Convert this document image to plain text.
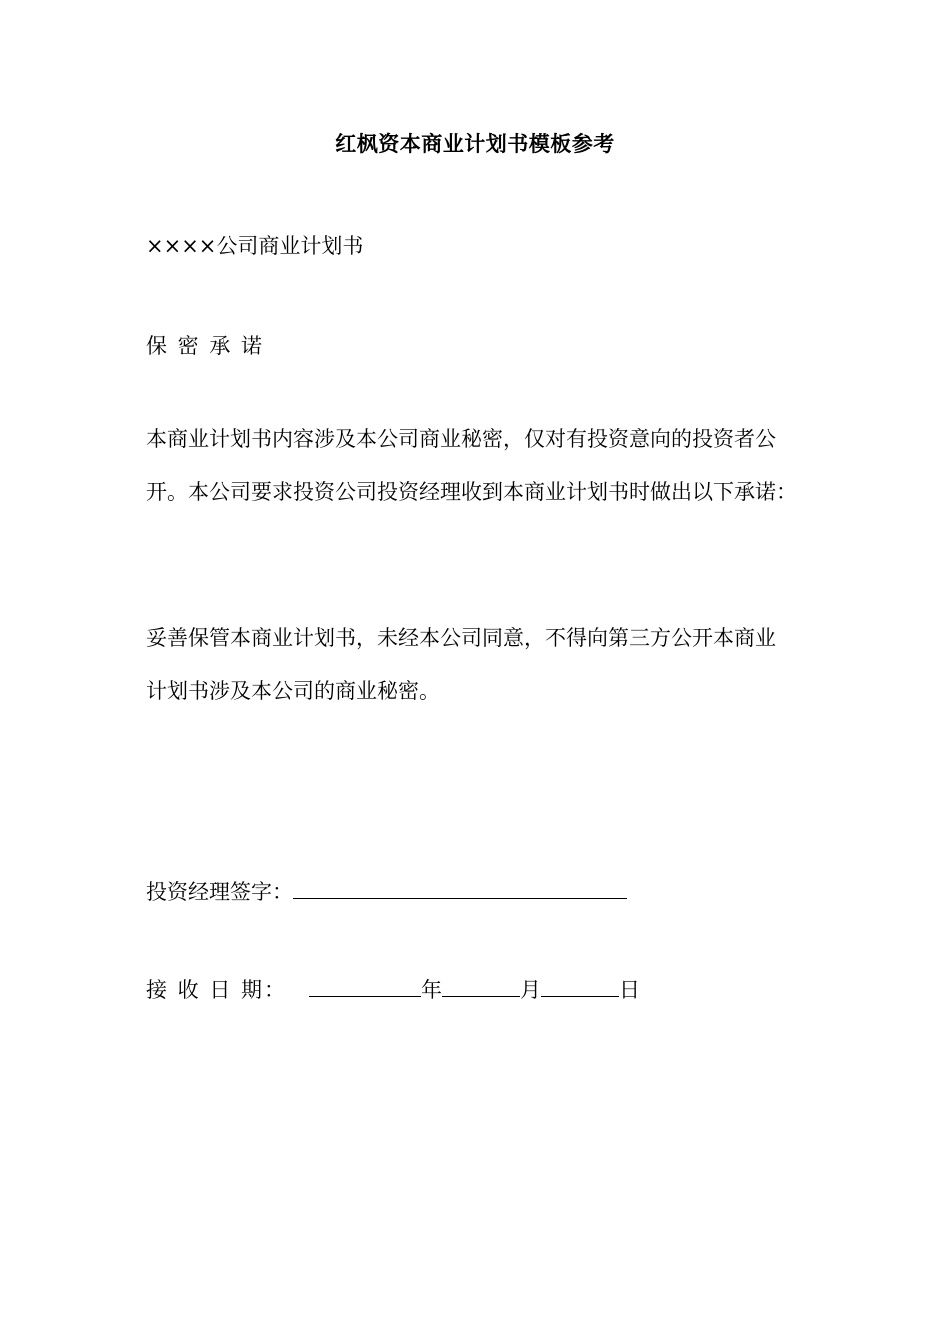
红枫资本商业计划书模板参考
××××公司商业计划书
保 密 承 诺

本商业计划书内容涉及本公司商业秘密，仅对有投资意向的投资者公

开。本公司要求投资公司投资经理收到本商业计划书时做出以下承诺：

妥善保管本商业计划书，未经本公司同意，不得向第三方公开本商业

计划书涉及本公司的商业秘密。

投资经理签字：
接 收 日 期：	年	月	日
